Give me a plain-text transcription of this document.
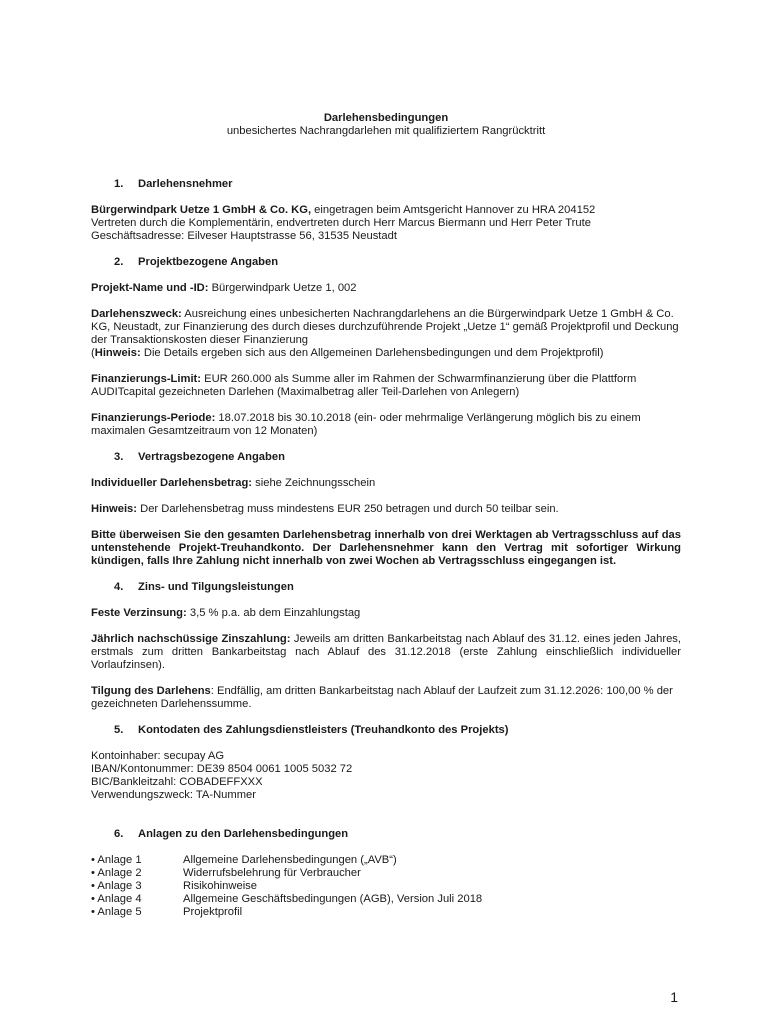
Darlehensbedingungen
unbesichertes Nachrangdarlehen mit qualifiziertem Rangrücktritt
1. Darlehensnehmer

Bürgerwindpark Uetze 1 GmbH & Co. KG, eingetragen beim Amtsgericht Hannover zu HRA 204152
Vertreten durch die Komplementärin, endvertreten durch Herr Marcus Biermann und Herr Peter Trute
Geschäftsadresse: Eilveser Hauptstrasse 56, 31535 Neustadt

2. Projektbezogene Angaben

Projekt-Name und -ID: Bürgerwindpark Uetze 1, 002

Darlehenszweck: Ausreichung eines unbesicherten Nachrangdarlehens an die Bürgerwindpark Uetze 1 GmbH & Co. KG, Neustadt, zur Finanzierung des durch dieses durchzuführende Projekt „Uetze 1“ gemäß Projektprofil und Deckung der Transaktionskosten dieser Finanzierung
(Hinweis: Die Details ergeben sich aus den Allgemeinen Darlehensbedingungen und dem Projektprofil)

Finanzierungs-Limit: EUR 260.000 als Summe aller im Rahmen der Schwarmfinanzierung über die Plattform AUDITcapital gezeichneten Darlehen (Maximalbetrag aller Teil-Darlehen von Anlegern)

Finanzierungs-Periode: 18.07.2018 bis 30.10.2018 (ein- oder mehrmalige Verlängerung möglich bis zu einem maximalen Gesamtzeitraum von 12 Monaten)

3. Vertragsbezogene Angaben

Individueller Darlehensbetrag: siehe Zeichnungsschein

Hinweis: Der Darlehensbetrag muss mindestens EUR 250 betragen und durch 50 teilbar sein.

Bitte überweisen Sie den gesamten Darlehensbetrag innerhalb von drei Werktagen ab Vertragsschluss auf das untenstehende Projekt-Treuhandkonto. Der Darlehensnehmer kann den Vertrag mit sofortiger Wirkung kündigen, falls Ihre Zahlung nicht innerhalb von zwei Wochen ab Vertragsschluss eingegangen ist.

4. Zins- und Tilgungsleistungen

Feste Verzinsung: 3,5 % p.a. ab dem Einzahlungstag

Jährlich nachschüssige Zinszahlung: Jeweils am dritten Bankarbeitstag nach Ablauf des 31.12. eines jeden Jahres, erstmals zum dritten Bankarbeitstag nach Ablauf des 31.12.2018 (erste Zahlung einschließlich individueller Vorlaufzinsen).

Tilgung des Darlehens: Endfällig, am dritten Bankarbeitstag nach Ablauf der Laufzeit zum 31.12.2026: 100,00 % der gezeichneten Darlehenssumme.

5. Kontodaten des Zahlungsdienstleisters (Treuhandkonto des Projekts)
Kontoinhaber: secupay AG
IBAN/Kontonummer: DE39 8504 0061 1005 5032 72
BIC/Bankleitzahl: COBADEFFXXX
Verwendungszweck: TA-Nummer
6. Anlagen zu den Darlehensbedingungen
• Anlage 1	Allgemeine Darlehensbedingungen („AVB“)
• Anlage 2	Widerrufsbelehrung für Verbraucher
• Anlage 3	Risikohinweise
• Anlage 4	Allgemeine Geschäftsbedingungen (AGB), Version Juli 2018
• Anlage 5	Projektprofil
1
